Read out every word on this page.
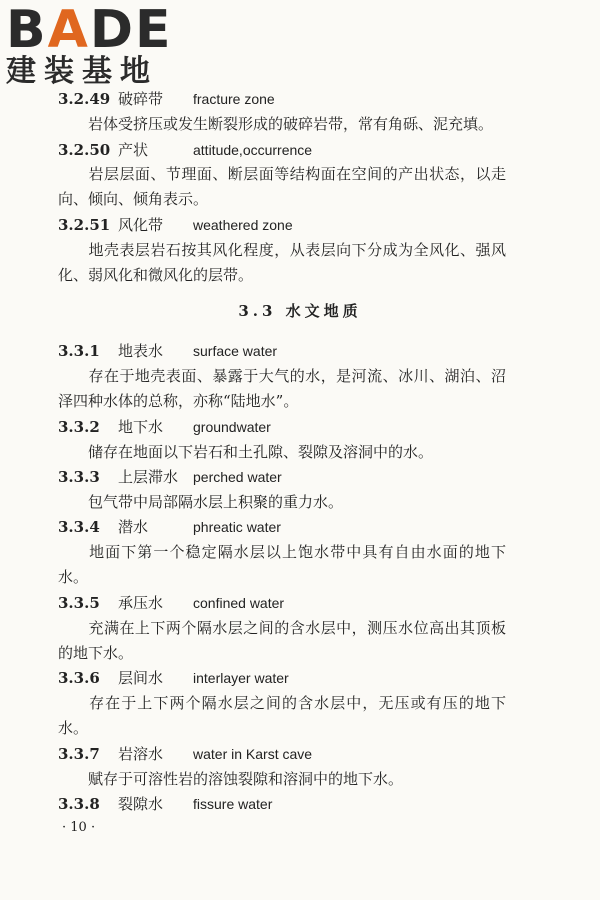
BADE
建装基地
3.2.49 破碎带 fracture zone
岩体受挤压或发生断裂形成的破碎岩带，常有角砾、泥充填。
3.2.50 产状	attitude,occurrence
岩层层面、节理面、断层面等结构面在空间的产出状态，以走向、倾向、倾角表示。
3.2.51 风化带 weathered zone
地壳表层岩石按其风化程度，从表层向下分成为全风化、强风化、弱风化和微风化的层带。
3.3 水文地质
3.3.1 地表水 surface water
存在于地壳表面、暴露于大气的水，是河流、冰川、湖泊、沼泽四种水体的总称，亦称“陆地水”。
3.3.2 地下水 groundwater
储存在地面以下岩石和土孔隙、裂隙及溶洞中的水。
3.3.3 上层滞水 perched water
包气带中局部隔水层上积聚的重力水。
3.3.4 潜水	phreatic water
地面下第一个稳定隔水层以上饱水带中具有自由水面的地下水。
3.3.5 承压水 confined water
充满在上下两个隔水层之间的含水层中，测压水位高出其顶板的地下水。
3.3.6 层间水 interlayer water
存在于上下两个隔水层之间的含水层中，无压或有压的地下水。
3.3.7 岩溶水 water in Karst cave
赋存于可溶性岩的溶蚀裂隙和溶洞中的地下水。
3.3.8 裂隙水 fissure water
· 10 ·
